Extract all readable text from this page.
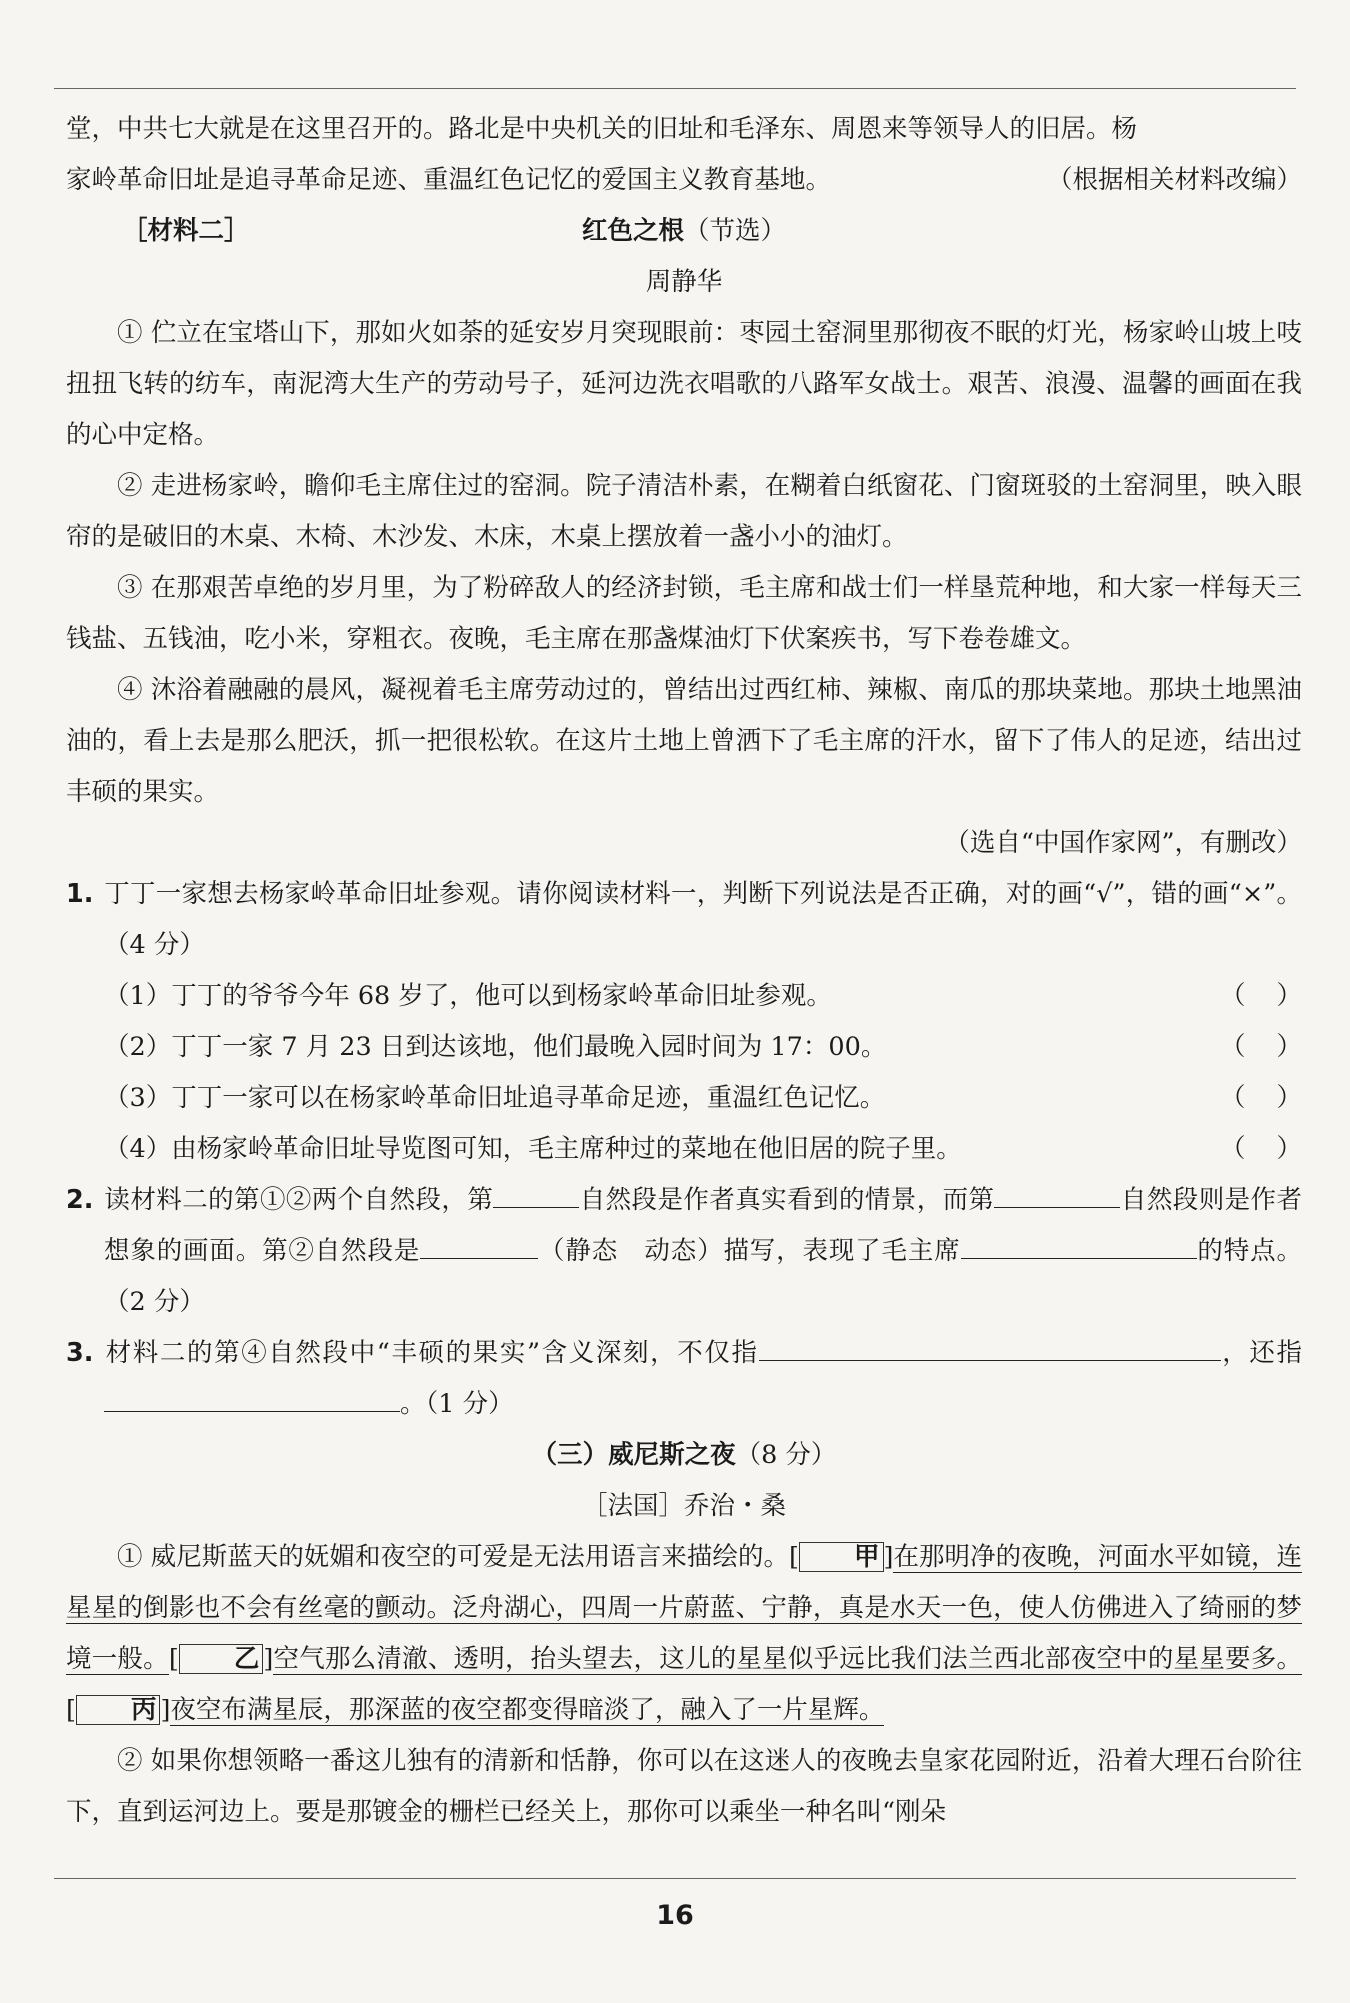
堂，中共七大就是在这里召开的。路北是中央机关的旧址和毛泽东、周恩来等领导人的旧居。杨

家岭革命旧址是追寻革命足迹、重温红色记忆的爱国主义教育基地。	（根据相关材料改编）

［材料二］	红色之根（节选）

周静华

① 伫立在宝塔山下，那如火如荼的延安岁月突现眼前：枣园土窑洞里那彻夜不眠的灯光，杨家岭山坡上吱扭扭飞转的纺车，南泥湾大生产的劳动号子，延河边洗衣唱歌的八路军女战士。艰苦、浪漫、温馨的画面在我的心中定格。

② 走进杨家岭，瞻仰毛主席住过的窑洞。院子清洁朴素，在糊着白纸窗花、门窗斑驳的土窑洞里，映入眼帘的是破旧的木桌、木椅、木沙发、木床，木桌上摆放着一盏小小的油灯。

③ 在那艰苦卓绝的岁月里，为了粉碎敌人的经济封锁，毛主席和战士们一样垦荒种地，和大家一样每天三钱盐、五钱油，吃小米，穿粗衣。夜晚，毛主席在那盏煤油灯下伏案疾书，写下卷卷雄文。

④ 沐浴着融融的晨风，凝视着毛主席劳动过的，曾结出过西红柿、辣椒、南瓜的那块菜地。那块土地黑油油的，看上去是那么肥沃，抓一把很松软。在这片土地上曾洒下了毛主席的汗水，留下了伟人的足迹，结出过丰硕的果实。

（选自“中国作家网”，有删改）

1. 丁丁一家想去杨家岭革命旧址参观。请你阅读材料一，判断下列说法是否正确，对的画“√”，错的画“×”。（4 分）

（1）丁丁的爷爷今年 68 岁了，他可以到杨家岭革命旧址参观。	（ ）

（2）丁丁一家 7 月 23 日到达该地，他们最晚入园时间为 17：00。	（ ）

（3）丁丁一家可以在杨家岭革命旧址追寻革命足迹，重温红色记忆。	（ ）

（4）由杨家岭革命旧址导览图可知，毛主席种过的菜地在他旧居的院子里。	（ ）

2. 读材料二的第①②两个自然段，第	自然段是作者真实看到的情景，而第	自然段则是作者想象的画面。第②自然段是	（静态　动态）描写，表现了毛主席	的特点。（2 分）

3. 材料二的第④自然段中“丰硕的果实”含义深刻，不仅指	，还指。（1 分）

（三）威尼斯之夜（8 分）

［法国］乔治・桑

① 威尼斯蓝天的妩媚和夜空的可爱是无法用语言来描绘的。[ 甲 ]在那明净的夜晚，河面水平如镜，连星星的倒影也不会有丝毫的颤动。泛舟湖心，四周一片蔚蓝、宁静，真是水天一色，使人仿佛进入了绮丽的梦境一般。[ 乙 ]空气那么清澈、透明，抬头望去，这儿的星星似乎远比我们法兰西北部夜空中的星星要多。[ 丙 ]夜空布满星辰，那深蓝的夜空都变得暗淡了，融入了一片星辉。

② 如果你想领略一番这儿独有的清新和恬静，你可以在这迷人的夜晚去皇家花园附近，沿着大理石台阶往下，直到运河边上。要是那镀金的栅栏已经关上，那你可以乘坐一种名叫“刚朵

16
